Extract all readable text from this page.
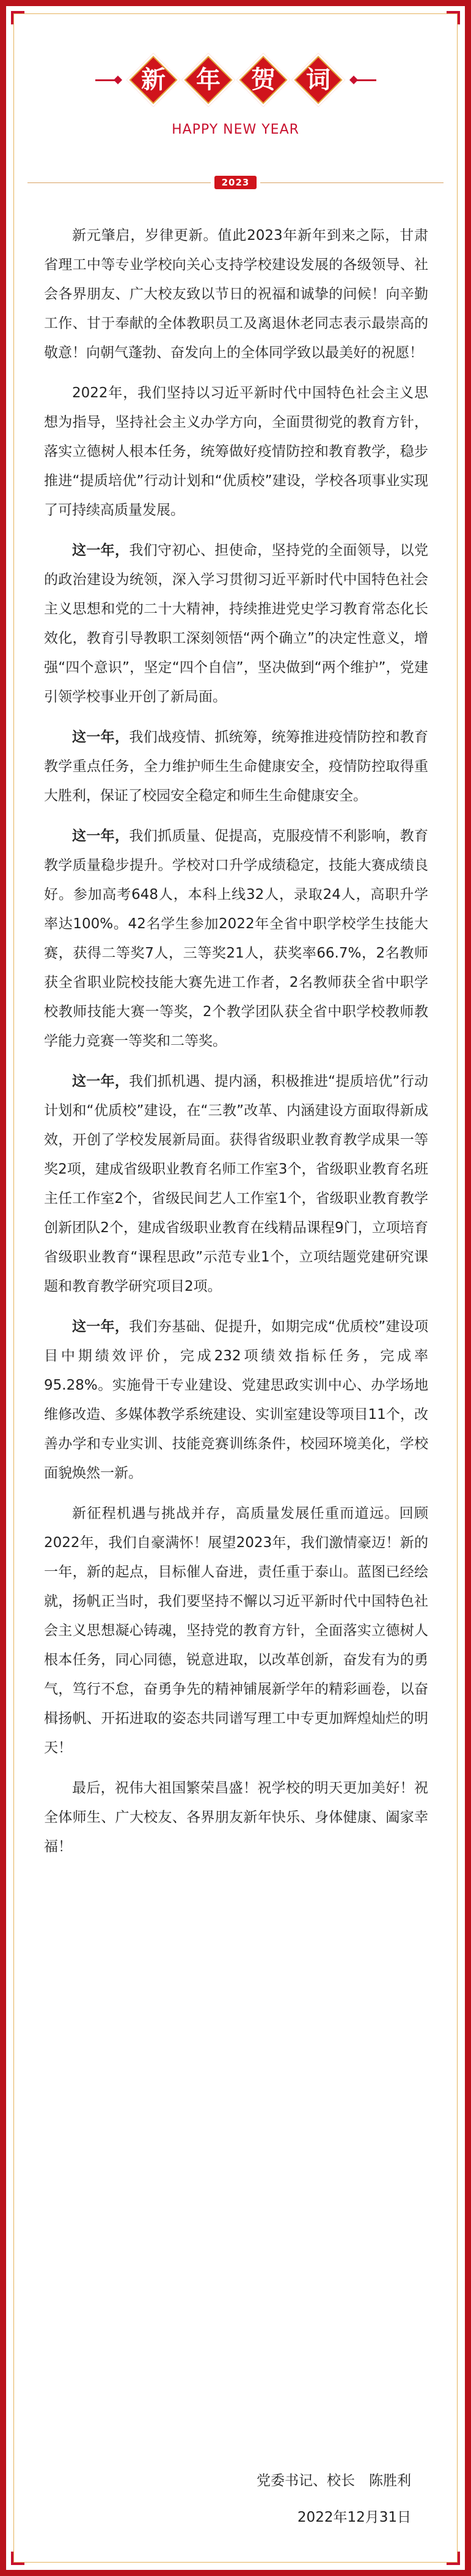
新 年 贺 词
HAPPY NEW YEAR
2023

新元肇启，岁律更新。值此2023年新年到来之际，甘肃省理工中等专业学校向关心支持学校建设发展的各级领导、社会各界朋友、广大校友致以节日的祝福和诚挚的问候！向辛勤工作、甘于奉献的全体教职员工及离退休老同志表示最崇高的敬意！向朝气蓬勃、奋发向上的全体同学致以最美好的祝愿！

2022年，我们坚持以习近平新时代中国特色社会主义思想为指导，坚持社会主义办学方向，全面贯彻党的教育方针，落实立德树人根本任务，统筹做好疫情防控和教育教学，稳步推进“提质培优”行动计划和“优质校”建设，学校各项事业实现了可持续高质量发展。

这一年，我们守初心、担使命，坚持党的全面领导，以党的政治建设为统领，深入学习贯彻习近平新时代中国特色社会主义思想和党的二十大精神，持续推进党史学习教育常态化长效化，教育引导教职工深刻领悟“两个确立”的决定性意义，增强“四个意识”，坚定“四个自信”，坚决做到“两个维护”，党建引领学校事业开创了新局面。

这一年，我们战疫情、抓统筹，统筹推进疫情防控和教育教学重点任务，全力维护师生生命健康安全，疫情防控取得重大胜利，保证了校园安全稳定和师生生命健康安全。

这一年，我们抓质量、促提高，克服疫情不利影响，教育教学质量稳步提升。学校对口升学成绩稳定，技能大赛成绩良好。参加高考648人，本科上线32人，录取24人，高职升学率达100%。42名学生参加2022年全省中职学校学生技能大赛，获得二等奖7人，三等奖21人，获奖率66.7%，2名教师获全省职业院校技能大赛先进工作者，2名教师获全省中职学校教师技能大赛一等奖，2个教学团队获全省中职学校教师教学能力竞赛一等奖和二等奖。

这一年，我们抓机遇、提内涵，积极推进“提质培优”行动计划和“优质校”建设，在“三教”改革、内涵建设方面取得新成效，开创了学校发展新局面。获得省级职业教育教学成果一等奖2项，建成省级职业教育名师工作室3个，省级职业教育名班主任工作室2个，省级民间艺人工作室1个，省级职业教育教学创新团队2个，建成省级职业教育在线精品课程9门，立项培育省级职业教育“课程思政”示范专业1个，立项结题党建研究课题和教育教学研究项目2项。

这一年，我们夯基础、促提升，如期完成“优质校”建设项目中期绩效评价，完成232项绩效指标任务，完成率95.28%。实施骨干专业建设、党建思政实训中心、办学场地维修改造、多媒体教学系统建设、实训室建设等项目11个，改善办学和专业实训、技能竞赛训练条件，校园环境美化，学校面貌焕然一新。

新征程机遇与挑战并存，高质量发展任重而道远。回顾2022年，我们自豪满怀！展望2023年，我们激情豪迈！新的一年，新的起点，目标催人奋进，责任重于泰山。蓝图已经绘就，扬帆正当时，我们要坚持不懈以习近平新时代中国特色社会主义思想凝心铸魂，坚持党的教育方针，全面落实立德树人根本任务，同心同德，锐意进取，以改革创新，奋发有为的勇气，笃行不怠，奋勇争先的精神铺展新学年的精彩画卷，以奋楫扬帆、开拓进取的姿态共同谱写理工中专更加辉煌灿烂的明天！

最后，祝伟大祖国繁荣昌盛！祝学校的明天更加美好！祝全体师生、广大校友、各界朋友新年快乐、身体健康、阖家幸福！

党委书记、校长　陈胜利
2022年12月31日
